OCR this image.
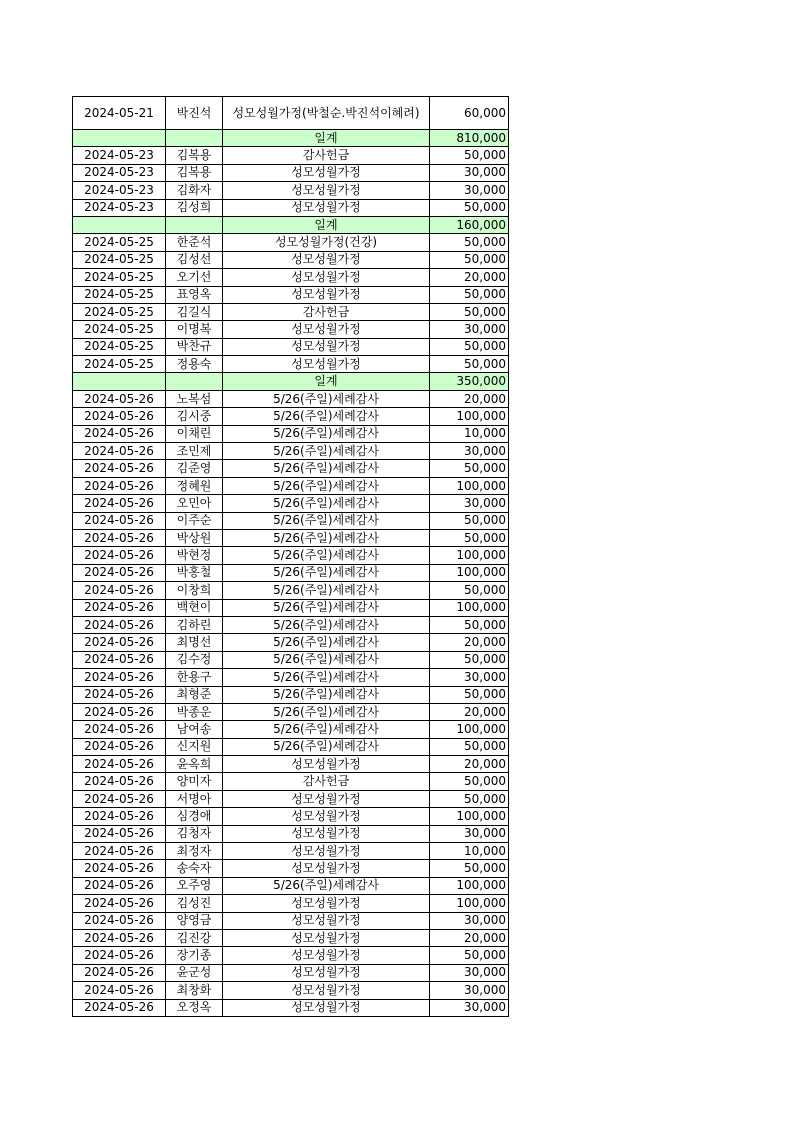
2024-05-21	박진석	성모성월가정(박철순.박진석이혜려)	60,000
		일계	810,000
2024-05-23	김복용	감사헌금	50,000
2024-05-23	김복용	성모성월가정	30,000
2024-05-23	김화자	성모성월가정	30,000
2024-05-23	김성희	성모성월가정	50,000
		일계	160,000
2024-05-25	한준석	성모성월가정(건강)	50,000
2024-05-25	김성선	성모성월가정	50,000
2024-05-25	오기선	성모성월가정	20,000
2024-05-25	표영옥	성모성월가정	50,000
2024-05-25	김길식	감사헌금	50,000
2024-05-25	이명복	성모성월가정	30,000
2024-05-25	박찬규	성모성월가정	50,000
2024-05-25	정용숙	성모성월가정	50,000
		일계	350,000
2024-05-26	노복섬	5/26(주일)세례감사	20,000
2024-05-26	김시중	5/26(주일)세례감사	100,000
2024-05-26	이채린	5/26(주일)세례감사	10,000
2024-05-26	조민제	5/26(주일)세례감사	30,000
2024-05-26	김준영	5/26(주일)세례감사	50,000
2024-05-26	정혜원	5/26(주일)세례감사	100,000
2024-05-26	오민아	5/26(주일)세례감사	30,000
2024-05-26	이주순	5/26(주일)세례감사	50,000
2024-05-26	박상원	5/26(주일)세례감사	50,000
2024-05-26	박현정	5/26(주일)세례감사	100,000
2024-05-26	박홍철	5/26(주일)세례감사	100,000
2024-05-26	이창희	5/26(주일)세례감사	50,000
2024-05-26	백현이	5/26(주일)세례감사	100,000
2024-05-26	김하린	5/26(주일)세례감사	50,000
2024-05-26	최명선	5/26(주일)세례감사	20,000
2024-05-26	김수정	5/26(주일)세례감사	50,000
2024-05-26	한용구	5/26(주일)세례감사	30,000
2024-05-26	최형준	5/26(주일)세례감사	50,000
2024-05-26	박종운	5/26(주일)세례감사	20,000
2024-05-26	남여송	5/26(주일)세례감사	100,000
2024-05-26	신지원	5/26(주일)세례감사	50,000
2024-05-26	윤옥희	성모성월가정	20,000
2024-05-26	양미자	감사헌금	50,000
2024-05-26	서명아	성모성월가정	50,000
2024-05-26	심경애	성모성월가정	100,000
2024-05-26	김청자	성모성월가정	30,000
2024-05-26	최정자	성모성월가정	10,000
2024-05-26	송숙자	성모성월가정	50,000
2024-05-26	오주영	5/26(주일)세례감사	100,000
2024-05-26	김성진	성모성월가정	100,000
2024-05-26	양영금	성모성월가정	30,000
2024-05-26	김진강	성모성월가정	20,000
2024-05-26	장기종	성모성월가정	50,000
2024-05-26	윤군성	성모성월가정	30,000
2024-05-26	최창화	성모성월가정	30,000
2024-05-26	오정옥	성모성월가정	30,000
